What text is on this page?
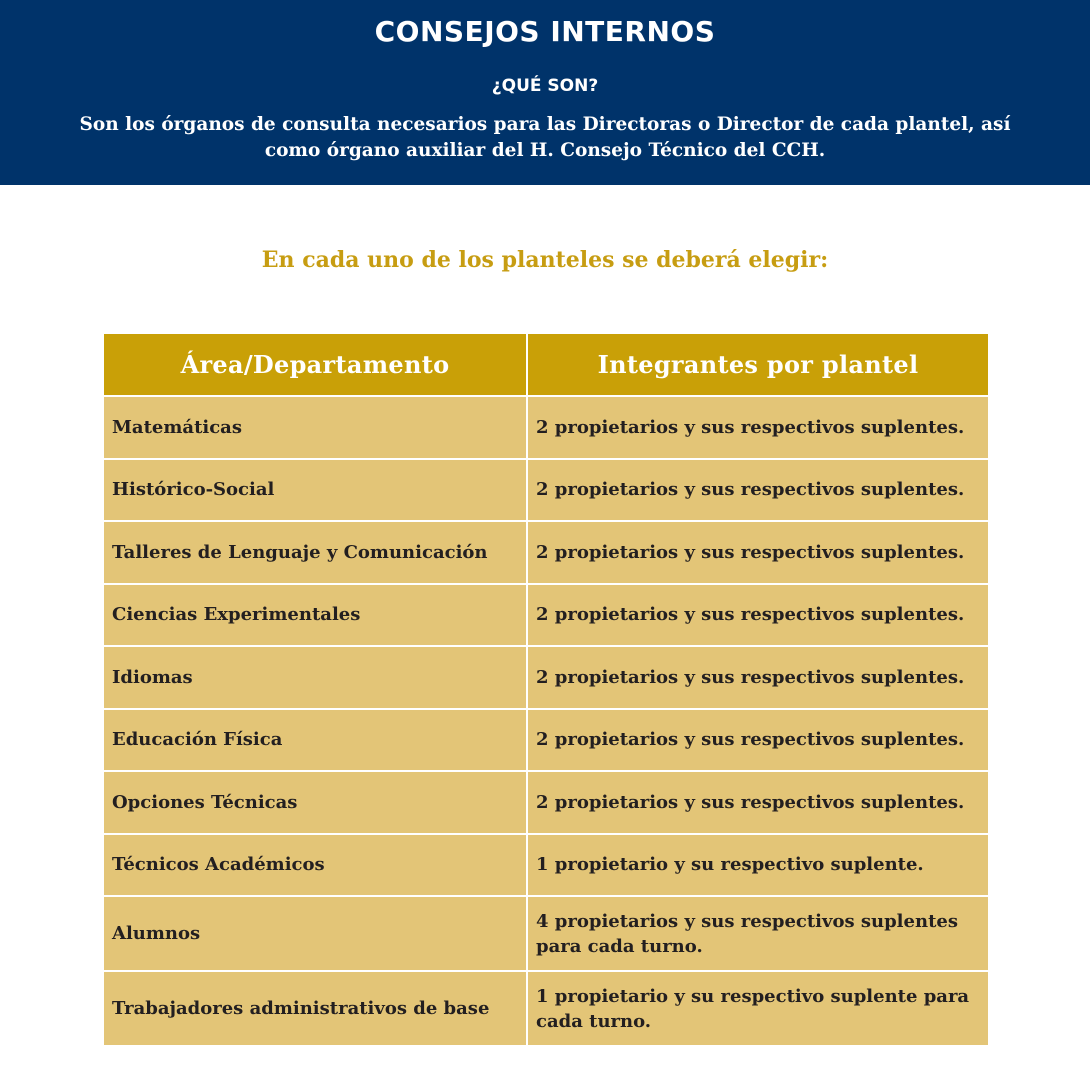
CONSEJOS INTERNOS
¿QUÉ SON?
Son los órganos de consulta necesarios para las Directoras o Director de cada plantel, así como órgano auxiliar del H. Consejo Técnico del CCH.
En cada uno de los planteles se deberá elegir:
Área/Departamento	Integrantes por plantel
Matemáticas	2 propietarios y sus respectivos suplentes.
Histórico-Social	2 propietarios y sus respectivos suplentes.
Talleres de Lenguaje y Comunicación	2 propietarios y sus respectivos suplentes.
Ciencias Experimentales	2 propietarios y sus respectivos suplentes.
Idiomas	2 propietarios y sus respectivos suplentes.
Educación Física	2 propietarios y sus respectivos suplentes.
Opciones Técnicas	2 propietarios y sus respectivos suplentes.
Técnicos Académicos	1 propietario y su respectivo suplente.
Alumnos	4 propietarios y sus respectivos suplentes para cada turno.
Trabajadores administrativos de base	1 propietario y su respectivo suplente para cada turno.
